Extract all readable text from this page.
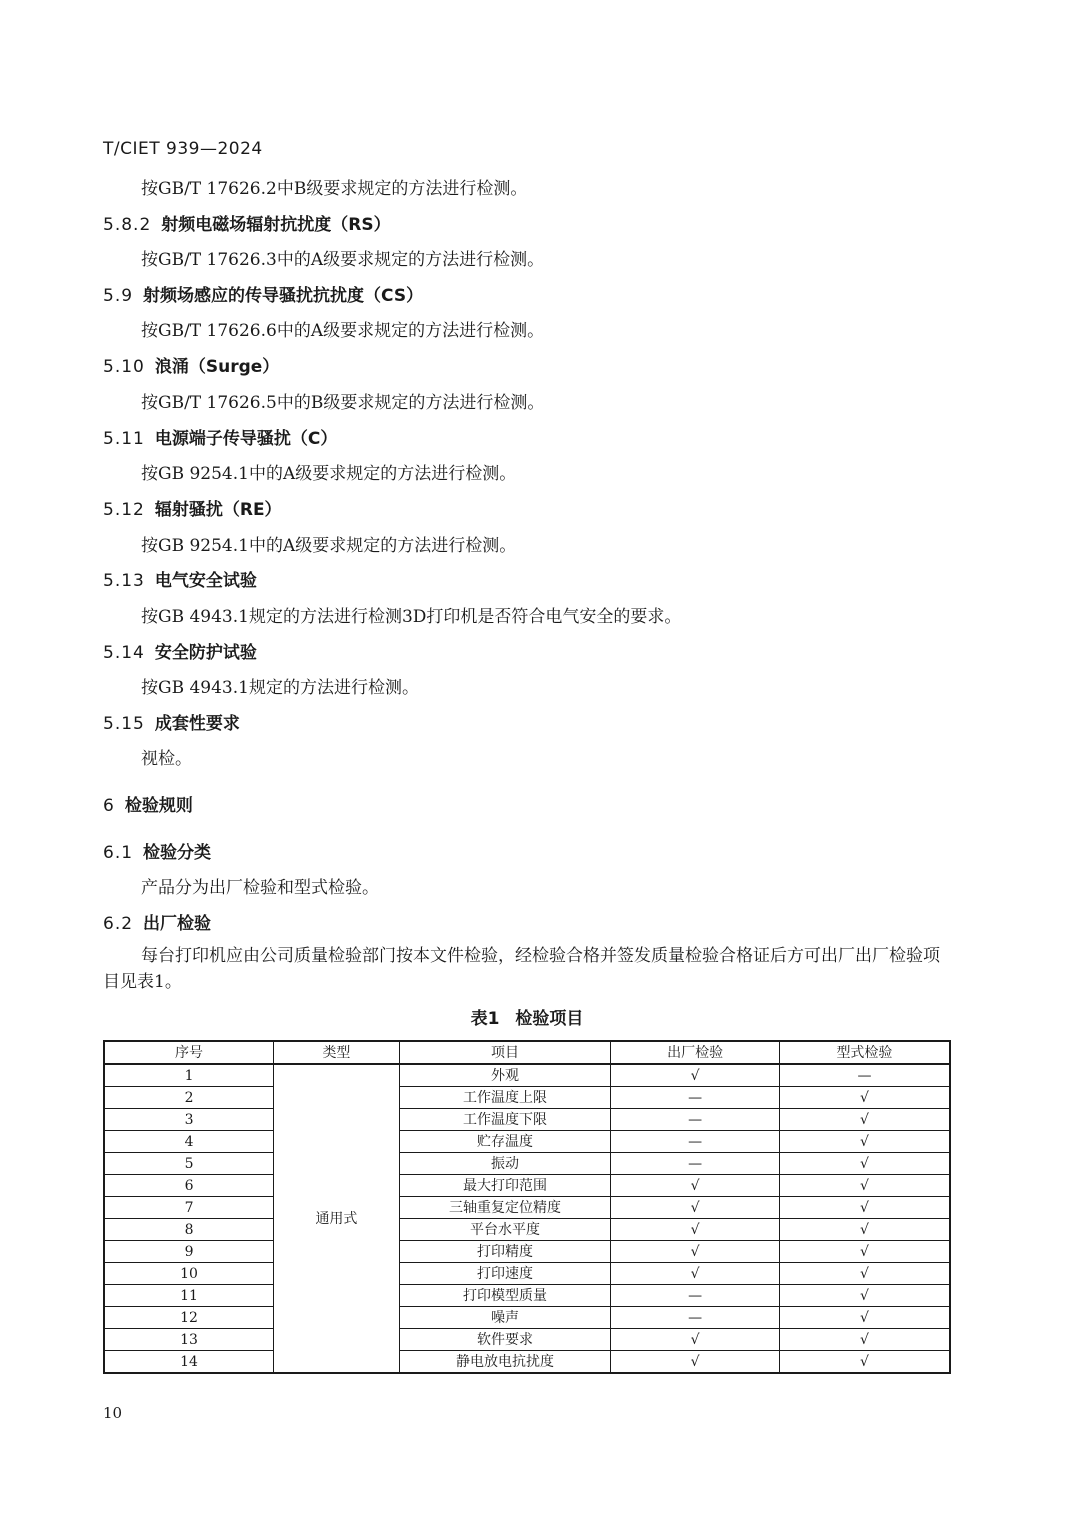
T/CIET 939—2024
按GB/T 17626.2中B级要求规定的方法进行检测。
5.8.2 射频电磁场辐射抗扰度（RS）
按GB/T 17626.3中的A级要求规定的方法进行检测。
5.9 射频场感应的传导骚扰抗扰度（CS）
按GB/T 17626.6中的A级要求规定的方法进行检测。
5.10 浪涌（Surge）
按GB/T 17626.5中的B级要求规定的方法进行检测。
5.11 电源端子传导骚扰（C）
按GB 9254.1中的A级要求规定的方法进行检测。
5.12 辐射骚扰（RE）
按GB 9254.1中的A级要求规定的方法进行检测。
5.13 电气安全试验
按GB 4943.1规定的方法进行检测3D打印机是否符合电气安全的要求。
5.14 安全防护试验
按GB 4943.1规定的方法进行检测。
5.15 成套性要求
视检。
6 检验规则
6.1 检验分类
产品分为出厂检验和型式检验。
6.2 出厂检验
每台打印机应由公司质量检验部门按本文件检验，经检验合格并签发质量检验合格证后方可出厂出厂检验项目见表1。
表1 检验项目
序号	类型	项目	出厂检验	型式检验
1	通用式	外观	√	—
2		工作温度上限	—	√
3		工作温度下限	—	√
4		贮存温度	—	√
5		振动	—	√
6		最大打印范围	√	√
7		三轴重复定位精度	√	√
8		平台水平度	√	√
9		打印精度	√	√
10		打印速度	√	√
11		打印模型质量	—	√
12		噪声	—	√
13		软件要求	√	√
14		静电放电抗扰度	√	√
10
